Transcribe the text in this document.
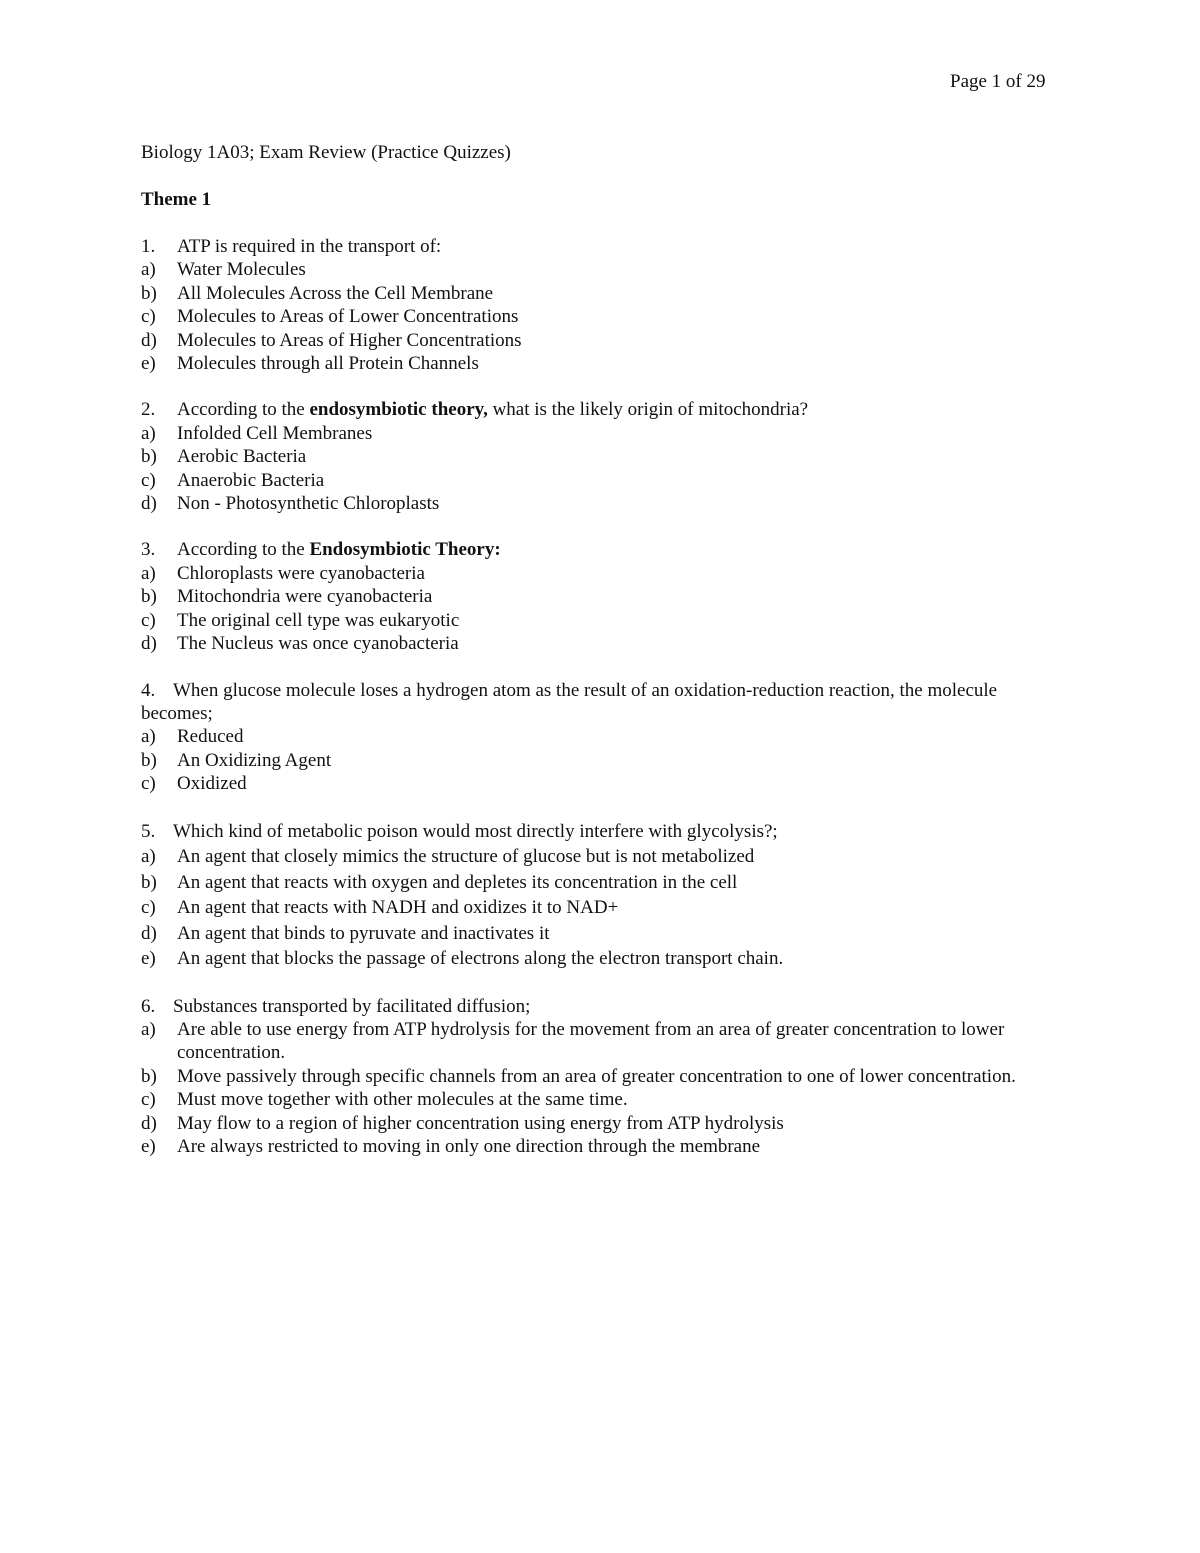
Page 1 of 29
Biology 1A03; Exam Review (Practice Quizzes)
Theme 1
1.	ATP is required in the transport of:
a)	Water Molecules
b)	All Molecules Across the Cell Membrane
c)	Molecules to Areas of Lower Concentrations
d)	Molecules to Areas of Higher Concentrations
e)	Molecules through all Protein Channels
2.	According to the endosymbiotic theory, what is the likely origin of mitochondria?
a)	Infolded Cell Membranes
b)	Aerobic Bacteria
c)	Anaerobic Bacteria
d)	Non - Photosynthetic Chloroplasts
3.	According to the Endosymbiotic Theory:
a)	Chloroplasts were cyanobacteria
b)	Mitochondria were cyanobacteria
c)	The original cell type was eukaryotic
d)	The Nucleus was once cyanobacteria
4. When glucose molecule loses a hydrogen atom as the result of an oxidation-reduction reaction, the molecule becomes;
a)	Reduced
b)	An Oxidizing Agent
c)	Oxidized
5. Which kind of metabolic poison would most directly interfere with glycolysis?;
a)	An agent that closely mimics the structure of glucose but is not metabolized
b)	An agent that reacts with oxygen and depletes its concentration in the cell
c)	An agent that reacts with NADH and oxidizes it to NAD+
d)	An agent that binds to pyruvate and inactivates it
e)	An agent that blocks the passage of electrons along the electron transport chain.
6. Substances transported by facilitated diffusion;
a)	Are able to use energy from ATP hydrolysis for the movement from an area of greater concentration to lower concentration.
b)	Move passively through specific channels from an area of greater concentration to one of lower concentration.
c)	Must move together with other molecules at the same time.
d)	May flow to a region of higher concentration using energy from ATP hydrolysis
e)	Are always restricted to moving in only one direction through the membrane
